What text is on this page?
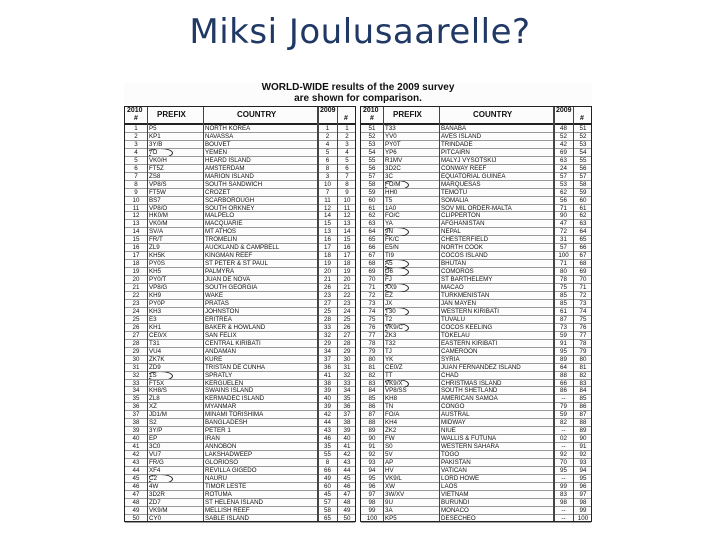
Miksi Joulusaarelle?
WORLD-WIDE results of the 2009 survey
are shown for comparison.
2010
# PREFIX	COUNTRY	2009
#
1	P5	NORTH KOREA	1	1
2	KP1	NAVASSA	2	2
3	3Y/B	BOUVET	4	3
4	7O	YEMEN	5	4
5	VK0/H	HEARD ISLAND	6	5
6	FT5Z	AMSTERDAM	8	6
7	ZS8	MARION ISLAND	3	7
8	VP8/S	SOUTH SANDWICH	10	8
9	FT5W	CROZET	7	9
10	BS7	SCARBOROUGH	11	10
11	VP8/O	SOUTH ORKNEY	12	11
12	HK0/M	MALPELO	14	12
13	VK0/M	MACQUARIE	15	13
14	SV/A	MT ATHOS	13	14
15	FR/T	TROMELIN	16	15
16	ZL9	AUCKLAND & CAMPBELL	17	16
17	KH5K	KINGMAN REEF	18	17
18	PY0S	ST PETER & ST PAUL	19	18
19	KH5	PALMYRA	20	19
20	PY0/T	JUAN DE NOVA	21	20
21	VP8/G	SOUTH GEORGIA	26	21
22	KH9	WAKE	23	22
23	PY0P	PRATAS	27	23
24	KH3	JOHNSTON	25	24
25	E3	ERITREA	28	25
26	KH1	BAKER & HOWLAND	33	26
27	CE0/X	SAN FELIX	32	27
28	T31	CENTRAL KIRIBATI	29	28
29	VU4	ANDAMAN	34	29
30	ZK7K	KURE	37	30
31	ZD9	TRISTAN DE CUNHA	36	31
32	1S	SPRATLY	41	32
33	FT5X	KERGUELEN	38	33
34	KH8/S	SWAINS ISLAND	39	34
35	ZL8	KERMADEC ISLAND	40	35
36	XZ	MYANMAR	39	36
37	JD1/M	MINAMI TORISHIMA	42	37
38	S2	BANGLADESH	44	38
39	3Y/P	PETER 1	43	39
40	EP	IRAN	46	40
41	3C0	ANNOBON	35	41
42	VU7	LAKSHADWEEP	55	42
43	FR/G	GLORIOSO	8	43
44	XF4	REVILLA GIGEDO	66	44
45	C2	NAURU	49	45
46	4W	TIMOR LESTE	60	46
47	3D2R	ROTUMA	45	47
48	ZD7	ST HELENA ISLAND	57	48
49	VK9/M	MELLISH REEF	58	49
50	CY0	SABLE ISLAND	65	50
2010
# PREFIX	COUNTRY	2009
#
51	T33	BANABA	48	51
52	YV0	AVES ISLAND	52	52
53	PY0T	TRINDADE	42	53
54	YP6	PITCAIRN	69	54
55	R1MV	MALYJ VYSOTSKIJ	63	55
56	3D2C	CONWAY REEF	24	56
57	3C	EQUATORIAL GUINEA	57	57
58	FO/M	MARQUESAS	53	58
59	HH0	TEMOTU	62	59
60	T5	SOMALIA	56	60
61	1A0	SOV MIL ORDER-MALTA	71	61
62	FO/C	CLIPPERTON	90	62
63	YA	AFGHANISTAN	47	63
64	9N	NEPAL	72	64
65	FK/C	CHESTERFIELD	31	65
66	E5/N	NORTH COOK	57	66
67	TI9	COCOS ISLAND	100	67
68	A5	BHUTAN	71	68
69	D6	COMOROS	80	69
70	FJ	ST BARTHELEMY	78	70
71	XX9	MACAO	75	71
72	EZ	TURKMENISTAN	85	72
73	JX	JAN MAYEN	85	73
74	T30	WESTERN KIRIBATI	61	74
75	T2	TUVALU	87	75
76	VK9/C	COCOS KEELING	73	76
77	ZK3	TOKELAU	59	77
78	T32	EASTERN KIRIBATI	91	78
79	TJ	CAMEROON	95	79
80	YK	SYRIA	89	80
81	CE0/Z	JUAN FERNANDEZ ISLAND	64	81
82	TT	CHAD	88	82
83	VK9/X	CHRISTMAS ISLAND	66	83
84	VP8/SS	SOUTH SHETLAND	86	84
85	KH8	AMERICAN SAMOA	--	85
86	TN	CONGO	79	86
87	FO/A	AUSTRAL	59	87
88	KH4	MIDWAY	82	88
89	ZK2	NIUE	--	89
90	FW	WALLIS & FUTUNA	02	90
91	S0	WESTERN SAHARA	--	91
92	5V	TOGO	92	92
93	AP	PAKISTAN	70	93
94	HV	VATICAN	95	94
95	VK9/L	LORD HOWE	--	95
96	XW	LAOS	99	96
97	3W/XV	VIETNAM	83	97
98	9U	BURUNDI	98	98
99	3A	MONACO	--	99
100	KP5	DESECHEO	--	100
